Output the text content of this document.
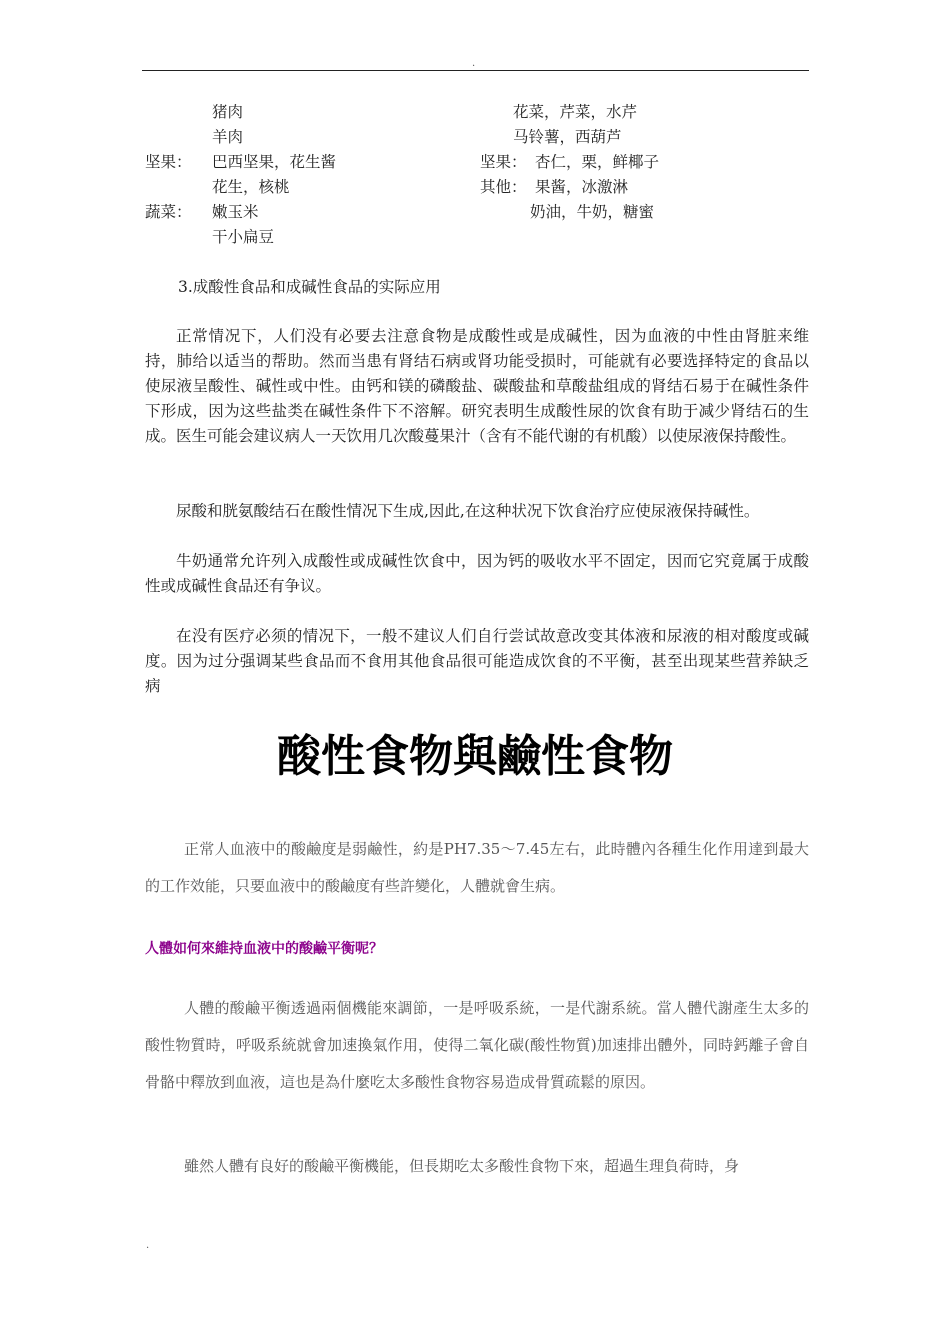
.
猪肉
羊肉
坚果： 巴西坚果，花生酱
花生，核桃
蔬菜： 嫩玉米
干小扁豆
花菜，芹菜，水芹
马铃薯，西葫芦
坚果： 杏仁，栗，鲜椰子
其他： 果酱，冰激淋
奶油，牛奶，糖蜜
3.成酸性食品和成碱性食品的实际应用

正常情况下，人们没有必要去注意食物是成酸性或是成碱性，因为血液的中性由肾脏来维持，肺给以适当的帮助。然而当患有肾结石病或肾功能受损时，可能就有必要选择特定的食品以使尿液呈酸性、碱性或中性。由钙和镁的磷酸盐、碳酸盐和草酸盐组成的肾结石易于在碱性条件下形成，因为这些盐类在碱性条件下不溶解。研究表明生成酸性尿的饮食有助于减少肾结石的生成。医生可能会建议病人一天饮用几次酸蔓果汁（含有不能代谢的有机酸）以使尿液保持酸性。

尿酸和胱氨酸结石在酸性情况下生成,因此,在这种状况下饮食治疗应使尿液保持碱性。

牛奶通常允许列入成酸性或成碱性饮食中，因为钙的吸收水平不固定，因而它究竟属于成酸性或成碱性食品还有争议。

在没有医疗必须的情况下，一般不建议人们自行尝试故意改变其体液和尿液的相对酸度或碱度。因为过分强调某些食品而不食用其他食品很可能造成饮食的不平衡，甚至出现某些营养缺乏病

酸性食物與鹼性食物

正常人血液中的酸鹼度是弱鹼性，約是PH7.35～7.45左右，此時體內各種生化作用達到最大的工作效能，只要血液中的酸鹼度有些許變化，人體就會生病。

人體如何來維持血液中的酸鹼平衡呢？

人體的酸鹼平衡透過兩個機能來調節，一是呼吸系統，一是代謝系統。當人體代謝產生太多的酸性物質時，呼吸系統就會加速換氣作用，使得二氧化碳(酸性物質)加速排出體外，同時鈣離子會自骨骼中釋放到血液，這也是為什麼吃太多酸性食物容易造成骨質疏鬆的原因。

雖然人體有良好的酸鹼平衡機能，但長期吃太多酸性食物下來，超過生理負荷時，身

.
